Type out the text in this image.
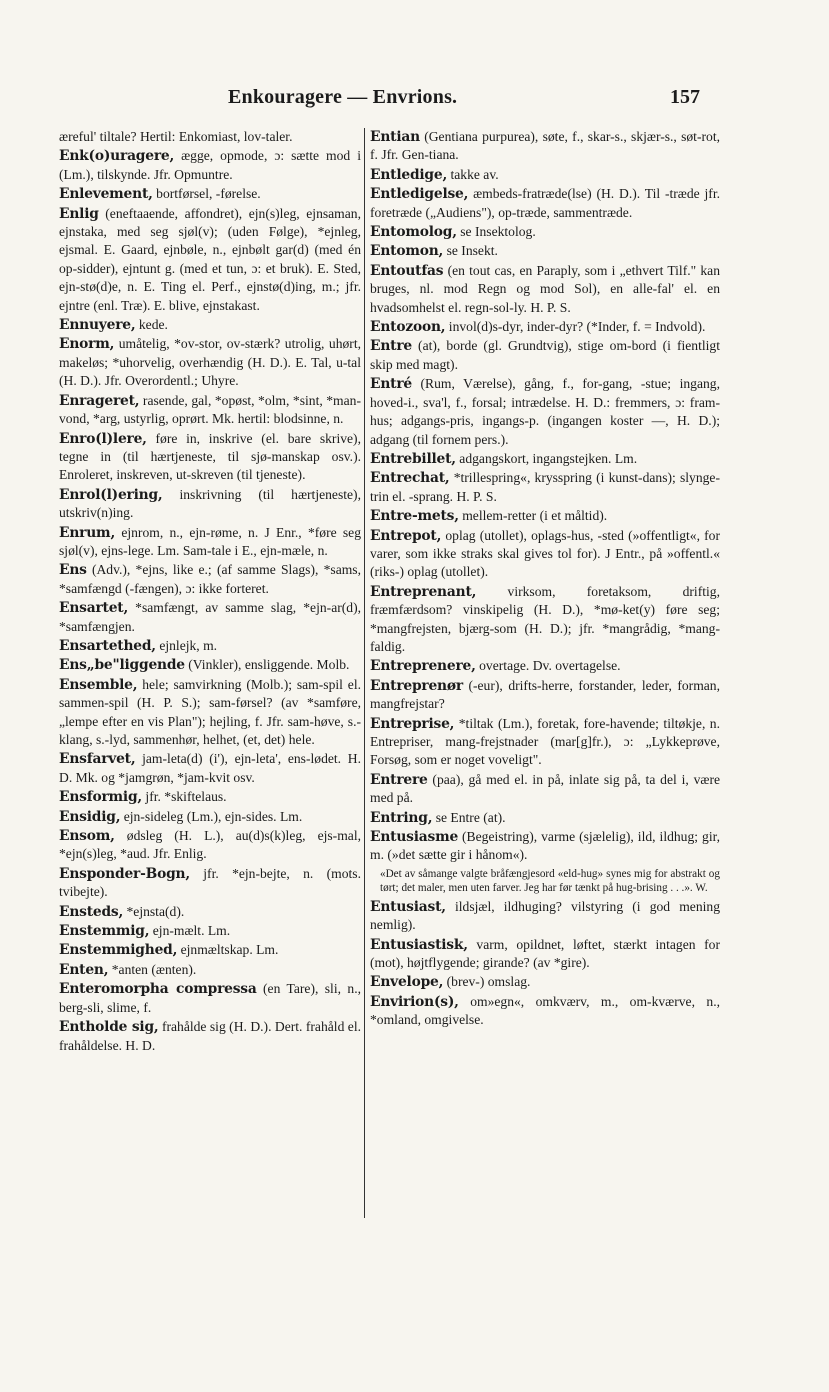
Enkouragere — Envrions.	157
æreful' tiltale? Hertil: Enkomiast, lov-taler.
Enk(o)uragere, ægge, opmode, ɔ: sætte mod i (Lm.), tilskynde. Jfr. Opmuntre.
Enlevement, bortførsel, -førelse.
Enlig (eneftaaende, affondret), ejn(s)leg, ejnsaman, ejnstaka, med seg sjøl(v); (uden Følge), *ejnleg, ejsmal. E. Gaard, ejnbøle, n., ejnbølt gar(d) (med én op-sidder), ejntunt g. (med et tun, ɔ: et bruk). E. Sted, ejn-stø(d)e, n. E. Ting el. Perf., ejnstø(d)ing, m.; jfr. ejntre (enl. Træ). E. blive, ejnstakast.
Ennuyere, kede.
Enorm, umåtelig, *ov-stor, ov-stærk? utrolig, uhørt, makeløs; *uhorvelig, overhændig (H. D.). E. Tal, u-tal (H. D.). Jfr. Overordentl.; Uhyre.
Enrageret, rasende, gal, *opøst, *olm, *sint, *man-vond, *arg, ustyrlig, oprørt. Mk. hertil: blodsinne, n.
Enro(l)lere, føre in, inskrive (el. bare skrive), tegne in (til hærtjeneste, til sjø-manskap osv.). Enroleret, inskreven, ut-skreven (til tjeneste).
Enrol(l)ering, inskrivning (til hærtjeneste), utskriv(n)ing.
Enrum, ejnrom, n., ejn-røme, n. J Enr., *føre seg sjøl(v), ejns-lege. Lm. Sam-tale i E., ejn-mæle, n.
Ens (Adv.), *ejns, like e.; (af samme Slags), *sams, *samfængd (-fængen), ɔ: ikke forteret.
Ensartet, *samfængt, av samme slag, *ejn-ar(d), *samfængjen.
Ensartethed, ejnlejk, m.
Ens„be"liggende (Vinkler), ensliggende. Molb.
Ensemble, hele; samvirkning (Molb.); sam-spil el. sammen-spil (H. P. S.); sam-førsel? (av *samføre, „lempe efter en vis Plan"); hejling, f. Jfr. sam-høve, s.-klang, s.-lyd, sammenhør, helhet, (et, det) hele.
Ensfarvet, jam-leta(d) (i'), ejn-leta', ens-lødet. H. D. Mk. og *jamgrøn, *jam-kvit osv.
Ensformig, jfr. *skiftelaus.
Ensidig, ejn-sideleg (Lm.), ejn-sides. Lm.
Ensom, ødsleg (H. L.), au(d)s(k)leg, ejs-mal, *ejn(s)leg, *aud. Jfr. Enlig.
Ensponder-Bogn, jfr. *ejn-bejte, n. (mots. tvibejte).
Ensteds, *ejnsta(d).
Enstemmig, ejn-mælt. Lm.
Enstemmighed, ejnmæltskap. Lm.
Enten, *anten (ænten).
Enteromorpha compressa (en Tare), sli, n., berg-sli, slime, f.
Entholde sig, frahålde sig (H. D.). Dert. frahåld el. frahåldelse. H. D.
Entian (Gentiana purpurea), søte, f., skar-s., skjær-s., søt-rot, f. Jfr. Gen-tiana.
Entledige, takke av.
Entledigelse, æmbeds-fratræde(lse) (H. D.). Til -træde jfr. foretræde („Audiens"), op-træde, sammentræde.
Entomolog, se Insektolog.
Entomon, se Insekt.
Entoutfas (en tout cas, en Paraply, som i „ethvert Tilf." kan bruges, nl. mod Regn og mod Sol), en alle-fal' el. en hvadsomhelst el. regn-sol-ly. H. P. S.
Entozoon, invol(d)s-dyr, inder-dyr? (*Inder, f. = Indvold).
Entre (at), borde (gl. Grundtvig), stige om-bord (i fientligt skip med magt).
Entré (Rum, Værelse), gång, f., for-gang, -stue; ingang, hoved-i., sva'l, f., forsal; intrædelse. H. D.: fremmers, ɔ: fram-hus; adgangs-pris, ingangs-p. (ingangen koster —, H. D.); adgang (til fornem pers.).
Entrebillet, adgangskort, ingangstejken. Lm.
Entrechat, *trillespring«, krysspring (i kunst-dans); slynge-trin el. -sprang. H. P. S.
Entre-mets, mellem-retter (i et måltid).
Entrepot, oplag (utollet), oplags-hus, -sted (»offentligt«, for varer, som ikke straks skal gives tol for). J Entr., på »offentl.« (riks-) oplag (utollet).
Entreprenant, virksom, foretaksom, driftig, fræmfærdsom? vinskipelig (H. D.), *mø-ket(y) føre seg; *mangfrejsten, bjærg-som (H. D.); jfr. *mangrådig, *mang-faldig.
Entreprenere, overtage. Dv. overtagelse.
Entreprenør (-eur), drifts-herre, forstander, leder, forman, mangfrejstar?
Entreprise, *tiltak (Lm.), foretak, fore-havende; tiltøkje, n. Entrepriser, mang-frejstnader (mar[g]fr.), ɔ: „Lykkeprøve, Forsøg, som er noget voveligt".
Entrere (paa), gå med el. in på, inlate sig på, ta del i, være med på.
Entring, se Entre (at).
Entusiasme (Begeistring), varme (sjælelig), ild, ildhug; gir, m. (»det sætte gir i hånom«).
«Det av såmange valgte bråfængjesord «eld-hug» synes mig for abstrakt og tørt; det maler, men uten farver. Jeg har før tænkt på hug-brising . . .». W.
Entusiast, ildsjæl, ildhuging? vilstyring (i god mening nemlig).
Entusiastisk, varm, opildnet, løftet, stærkt intagen for (mot), højtflygende; girande? (av *gire).
Envelope, (brev-) omslag.
Envirion(s), om»egn«, omkværv, m., om-kværve, n., *omland, omgivelse.
